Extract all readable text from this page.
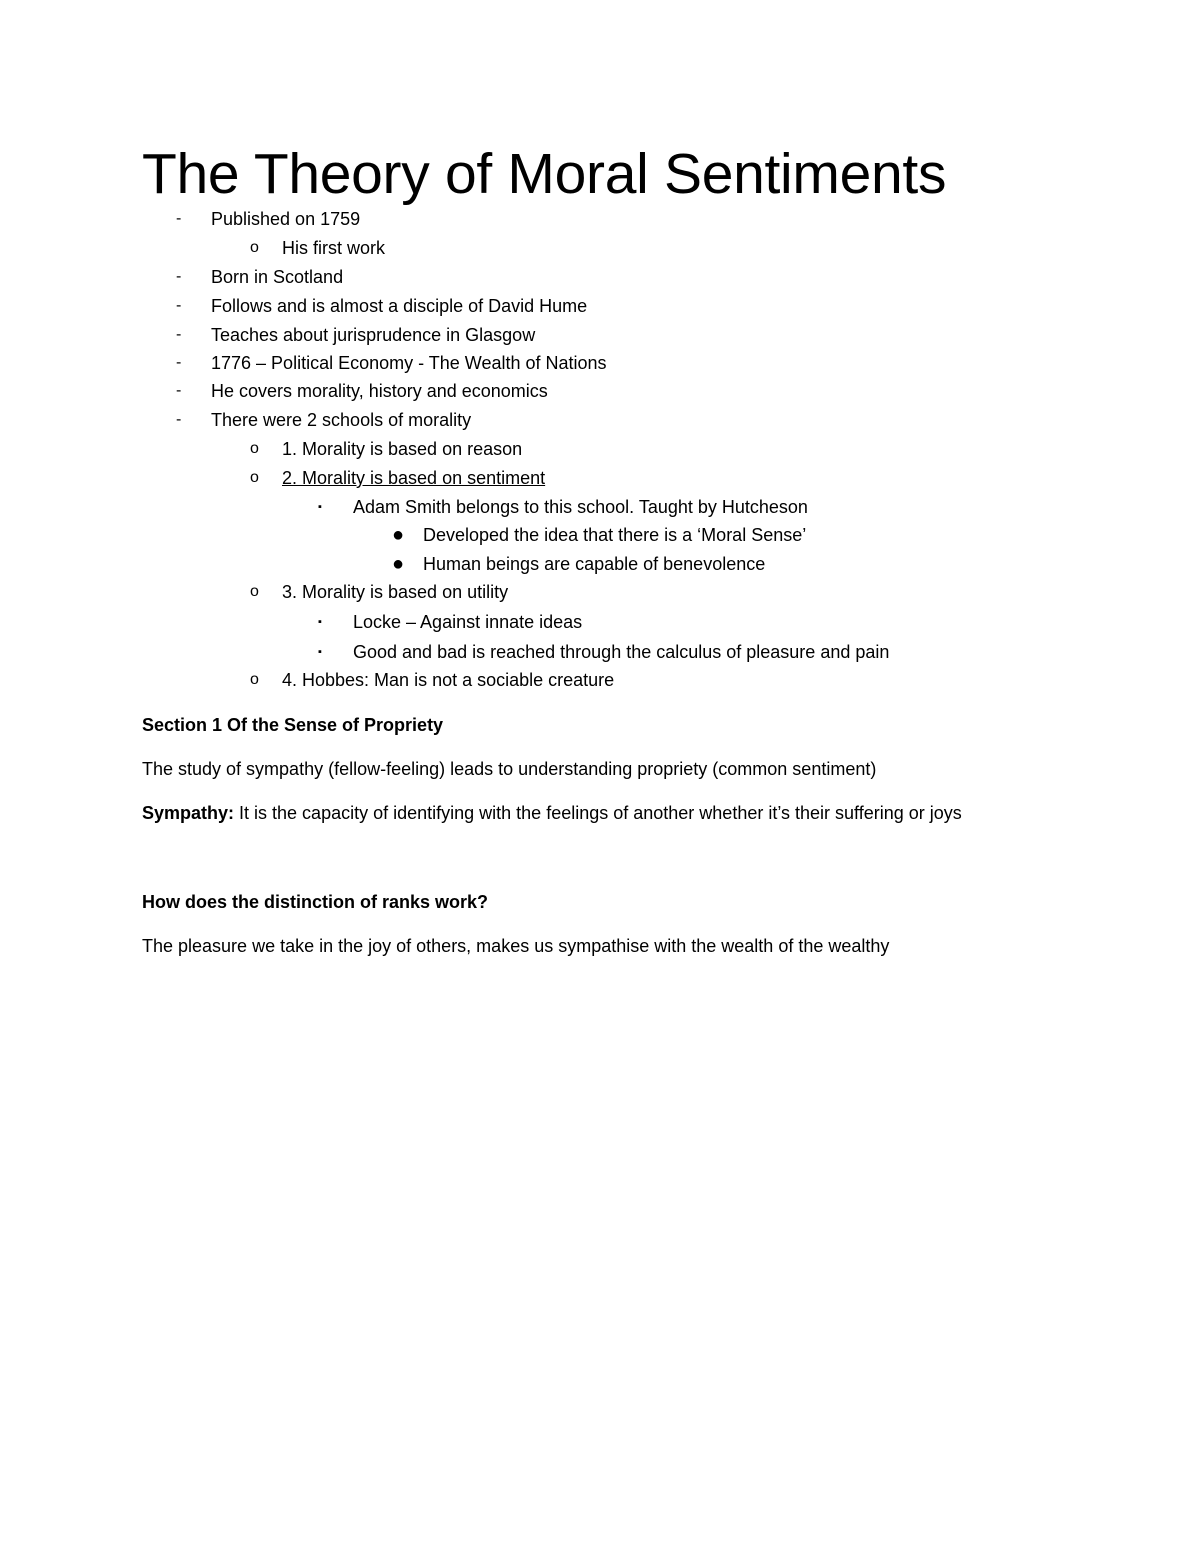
The Theory of Moral Sentiments
- Published on 1759
o His first work
- Born in Scotland
- Follows and is almost a disciple of David Hume
- Teaches about jurisprudence in Glasgow
- 1776 – Political Economy - The Wealth of Nations
- He covers morality, history and economics
- There were 2 schools of morality
o 1. Morality is based on reason
o 2. Morality is based on sentiment
▪ Adam Smith belongs to this school. Taught by Hutcheson
● Developed the idea that there is a ‘Moral Sense’
● Human beings are capable of benevolence
o 3. Morality is based on utility
▪ Locke – Against innate ideas
▪ Good and bad is reached through the calculus of pleasure and pain
o 4. Hobbes: Man is not a sociable creature
Section 1 Of the Sense of Propriety
The study of sympathy (fellow-feeling) leads to understanding propriety (common sentiment)
Sympathy: It is the capacity of identifying with the feelings of another whether it’s their suffering or joys
How does the distinction of ranks work?
The pleasure we take in the joy of others, makes us sympathise with the wealth of the wealthy
